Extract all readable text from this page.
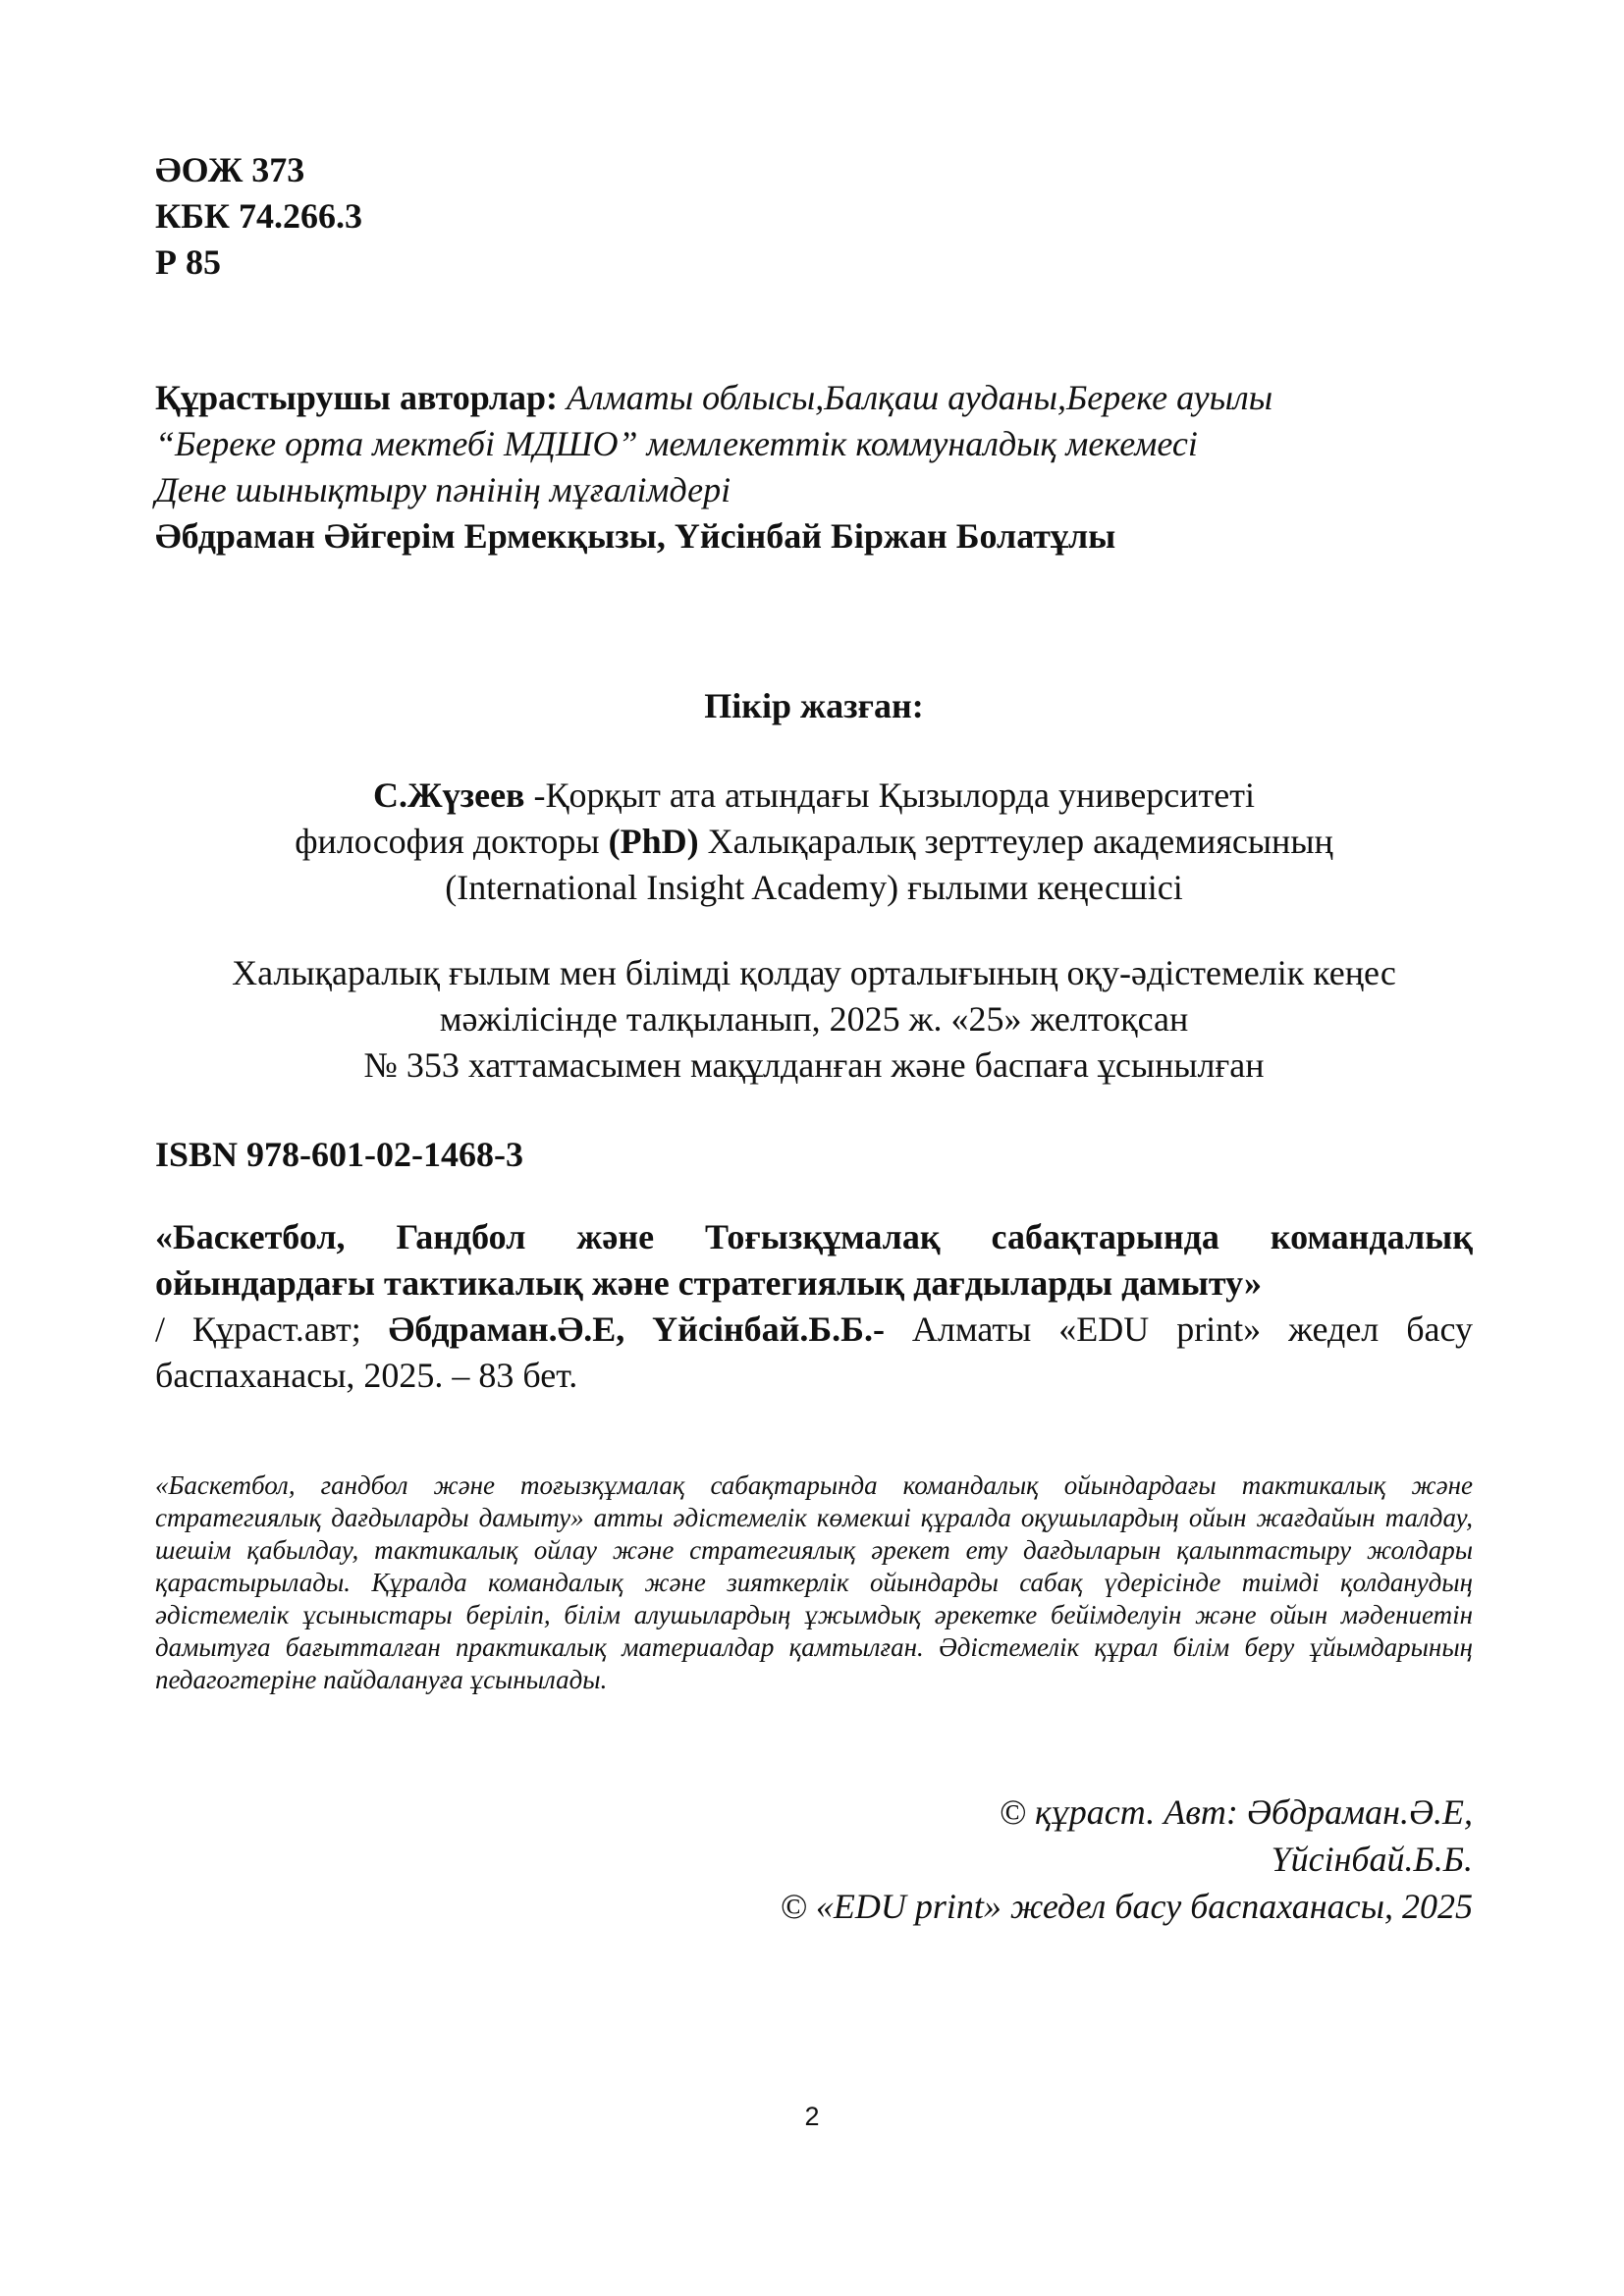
ӘОЖ 373
КБК 74.266.3
Р 85
Құрастырушы авторлар: Алматы облысы,Балқаш ауданы,Береке ауылы
“Береке орта мектебі МДШО” мемлекеттік коммуналдық мекемесі
Дене шынықтыру пәнінің мұғалімдері
Әбдраман Әйгерім Ермекқызы, Үйсінбай Біржан Болатұлы
Пікір жазған:
С.Жүзеев -Қорқыт ата атындағы Қызылорда университеті
философия докторы (PhD) Халықаралық зерттеулер академиясының
(International Insight Academy) ғылыми кеңесшісі
Халықаралық ғылым мен білімді қолдау орталығының оқу-әдістемелік кеңес
мәжілісінде талқыланып, 2025 ж. «25» желтоқсан
№ 353 хаттамасымен мақұлданған және баспаға ұсынылған
ISBN 978-601-02-1468-3
«Баскетбол, Гандбол және Тоғызқұмалақ сабақтарында командалық ойындардағы тактикалық және стратегиялық дағдыларды дамыту»
/ Құраст.авт; Әбдраман.Ә.Е, Үйсінбай.Б.Б.- Алматы «EDU print» жедел басу баспаханасы, 2025. – 83 бет.
«Баскетбол, гандбол және тоғызқұмалақ сабақтарында командалық ойындардағы тактикалық және стратегиялық дағдыларды дамыту» атты әдістемелік көмекші құралда оқушылардың ойын жағдайын талдау, шешім қабылдау, тактикалық ойлау және стратегиялық әрекет ету дағдыларын қалыптастыру жолдары қарастырылады. Құралда командалық және зияткерлік ойындарды сабақ үдерісінде тиімді қолданудың әдістемелік ұсыныстары беріліп, білім алушылардың ұжымдық әрекетке бейімделуін және ойын мәдениетін дамытуға бағытталған практикалық материалдар қамтылған. Әдістемелік құрал білім беру ұйымдарының педагогтеріне пайдалануға ұсынылады.
© құраст. Авт: Әбдраман.Ә.Е,
Үйсінбай.Б.Б.
© «EDU print» жедел басу баспаханасы, 2025
2
